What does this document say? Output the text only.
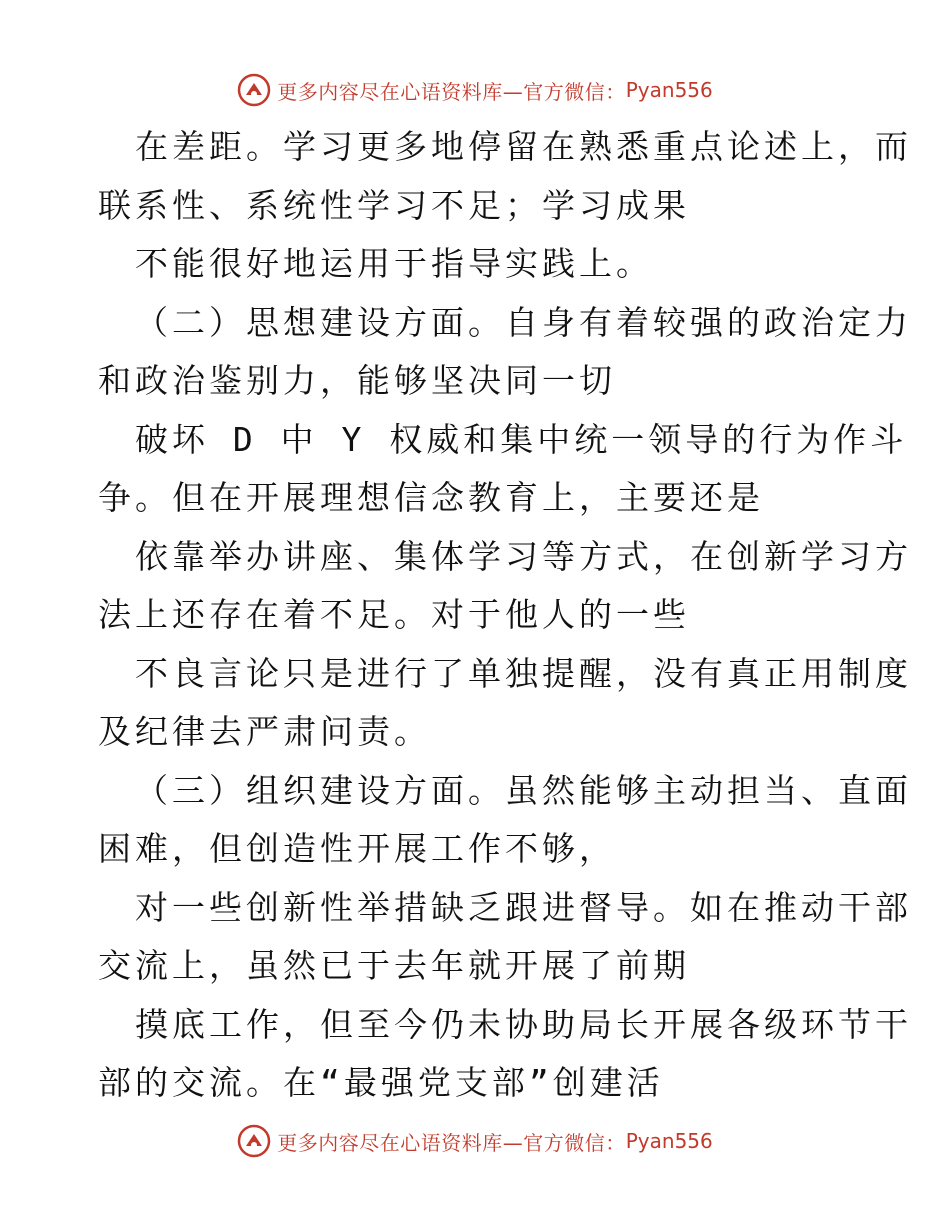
更多内容尽在心语资料库—官方微信： Pyan556
在差距。学习更多地停留在熟悉重点论述上，而
联系性、系统性学习不足；学习成果
不能很好地运用于指导实践上。
（二）思想建设方面。自身有着较强的政治定力
和政治鉴别力，能够坚决同一切
破坏 D 中 Y 权威和集中统一领导的行为作斗
争。但在开展理想信念教育上，主要还是
依靠举办讲座、集体学习等方式，在创新学习方
法上还存在着不足。对于他人的一些
不良言论只是进行了单独提醒，没有真正用制度
及纪律去严肃问责。
（三）组织建设方面。虽然能够主动担当、直面
困难，但创造性开展工作不够，
对一些创新性举措缺乏跟进督导。如在推动干部
交流上，虽然已于去年就开展了前期
摸底工作，但至今仍未协助局长开展各级环节干
部的交流。在“最强党支部”创建活
更多内容尽在心语资料库—官方微信： Pyan556
